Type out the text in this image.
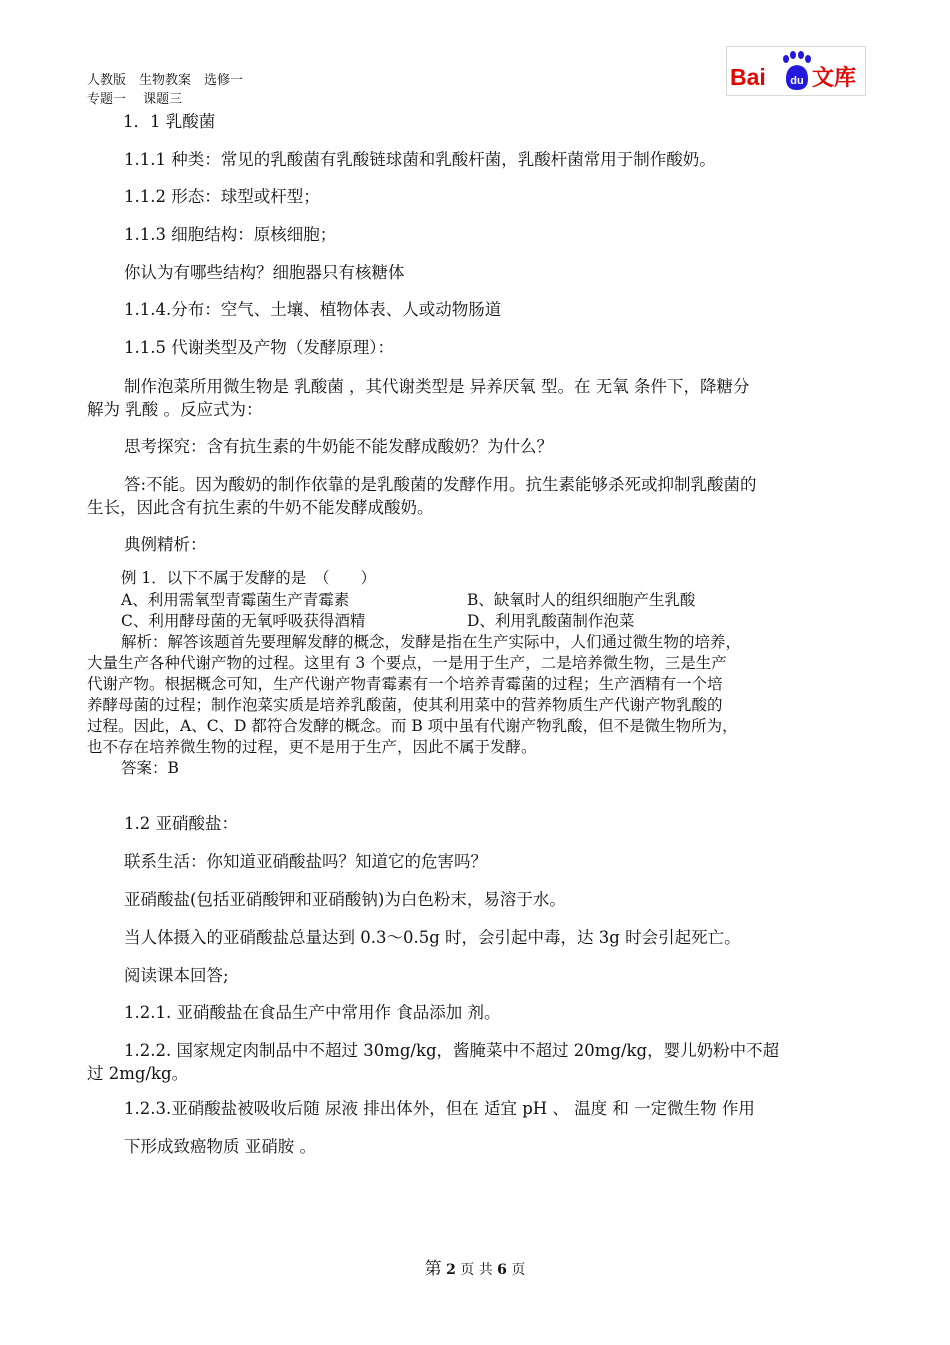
人教版　生物教案　选修一
专题一　 课题三
du
Bai 文库
1．1 乳酸菌
1.1.1 种类：常见的乳酸菌有乳酸链球菌和乳酸杆菌，乳酸杆菌常用于制作酸奶。
1.1.2 形态：球型或杆型；
1.1.3 细胞结构：原核细胞；
你认为有哪些结构？细胞器只有核糖体
1.1.4.分布：空气、土壤、植物体表、人或动物肠道
1.1.5 代谢类型及产物（发酵原理）：
制作泡菜所用微生物是 乳酸菌 ，其代谢类型是 异养厌氧 型。在 无氧 条件下，降糖分
解为 乳酸 。反应式为：
思考探究：含有抗生素的牛奶能不能发酵成酸奶？为什么？
答:不能。因为酸奶的制作依靠的是乳酸菌的发酵作用。抗生素能够杀死或抑制乳酸菌的
生长，因此含有抗生素的牛奶不能发酵成酸奶。
典例精析：
例 1．以下不属于发酵的是　（　　）
A、利用需氧型青霉菌生产青霉素	B、缺氧时人的组织细胞产生乳酸
C、利用酵母菌的无氧呼吸获得酒精	D、利用乳酸菌制作泡菜
解析：解答该题首先要理解发酵的概念，发酵是指在生产实际中，人们通过微生物的培养，
大量生产各种代谢产物的过程。这里有 3 个要点，一是用于生产，二是培养微生物，三是生产
代谢产物。根据概念可知，生产代谢产物青霉素有一个培养青霉菌的过程；生产酒精有一个培
养酵母菌的过程；制作泡菜实质是培养乳酸菌，使其利用菜中的营养物质生产代谢产物乳酸的
过程。因此，A、C、D 都符合发酵的概念。而 B 项中虽有代谢产物乳酸，但不是微生物所为，
也不存在培养微生物的过程，更不是用于生产，因此不属于发酵。
答案：B
1.2 亚硝酸盐：
联系生活：你知道亚硝酸盐吗？知道它的危害吗？
亚硝酸盐(包括亚硝酸钾和亚硝酸钠)为白色粉末，易溶于水。
当人体摄入的亚硝酸盐总量达到 0.3～0.5g 时，会引起中毒，达 3g 时会引起死亡。
阅读课本回答;
1.2.1. 亚硝酸盐在食品生产中常用作 食品添加 剂。
1.2.2. 国家规定肉制品中不超过 30mg/kg，酱腌菜中不超过 20mg/kg，婴儿奶粉中不超
过 2mg/kg。
1.2.3.亚硝酸盐被吸收后随 尿液 排出体外，但在 适宜 pH 、 温度 和 一定微生物 作用
下形成致癌物质 亚硝胺 。
第 2 页 共 6 页
